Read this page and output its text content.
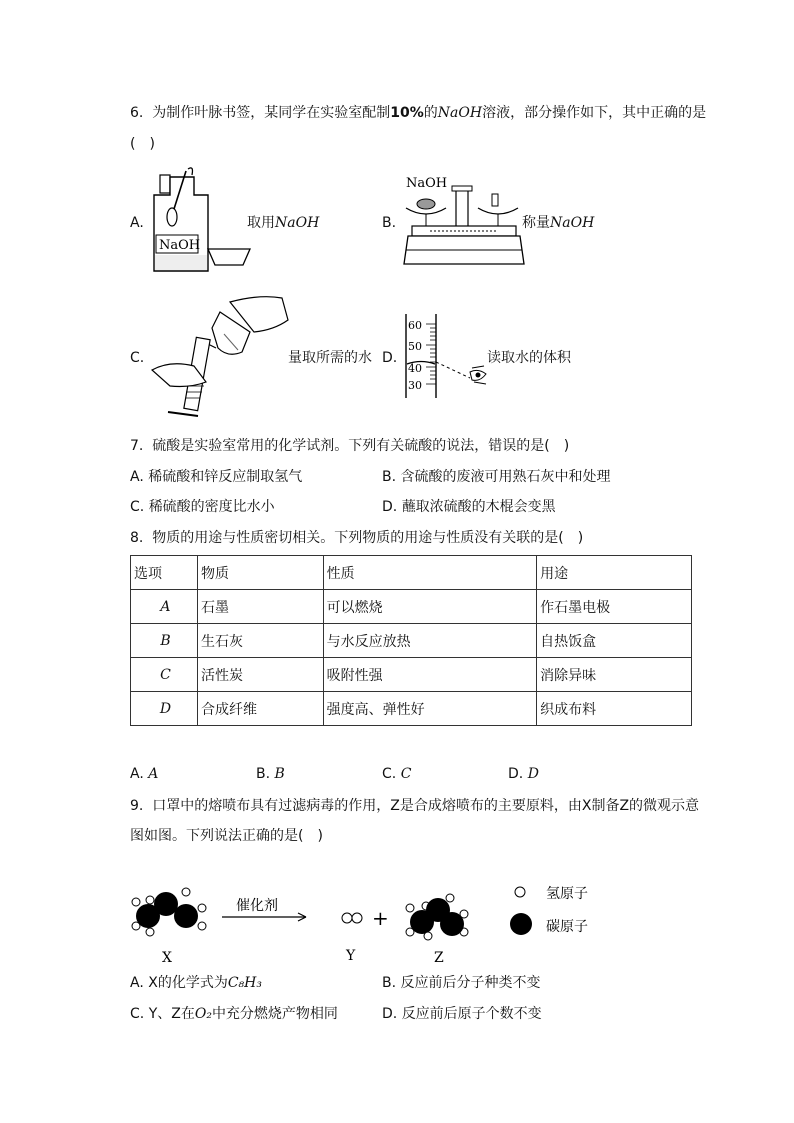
6. 为制作叶脉书签，某同学在实验室配制10%的NaOH溶液，部分操作如下，其中正确的是
(　)
A.
NaOH
取用NaOH	B.
NaOH
称量NaOH
C.	量取所需的水 D.
60
50
40
30
读取水的体积
7. 硫酸是实验室常用的化学试剂。下列有关硫酸的说法，错误的是(　)
A. 稀硫酸和锌反应制取氢气	B. 含硫酸的废液可用熟石灰中和处理
C. 稀硫酸的密度比水小	D. 蘸取浓硫酸的木棍会变黑
8. 物质的用途与性质密切相关。下列物质的用途与性质没有关联的是(　)
选项	物质	性质	用途
A	石墨	可以燃烧	作石墨电极
B	生石灰	与水反应放热	自热饭盒
C	活性炭	吸附性强	消除异味
D	合成纤维	强度高、弹性好	织成布料
A. A	B. B	C. C	D. D
9. 口罩中的熔喷布具有过滤病毒的作用，Z是合成熔喷布的主要原料，由X制备Z的微观示意
图如图。下列说法正确的是(　)
X
催化剂
Y
+
Z
氢原子
碳原子
A. X的化学式为C₈H₃	B. 反应前后分子种类不变
C. Y、Z在O₂中充分燃烧产物相同	D. 反应前后原子个数不变
